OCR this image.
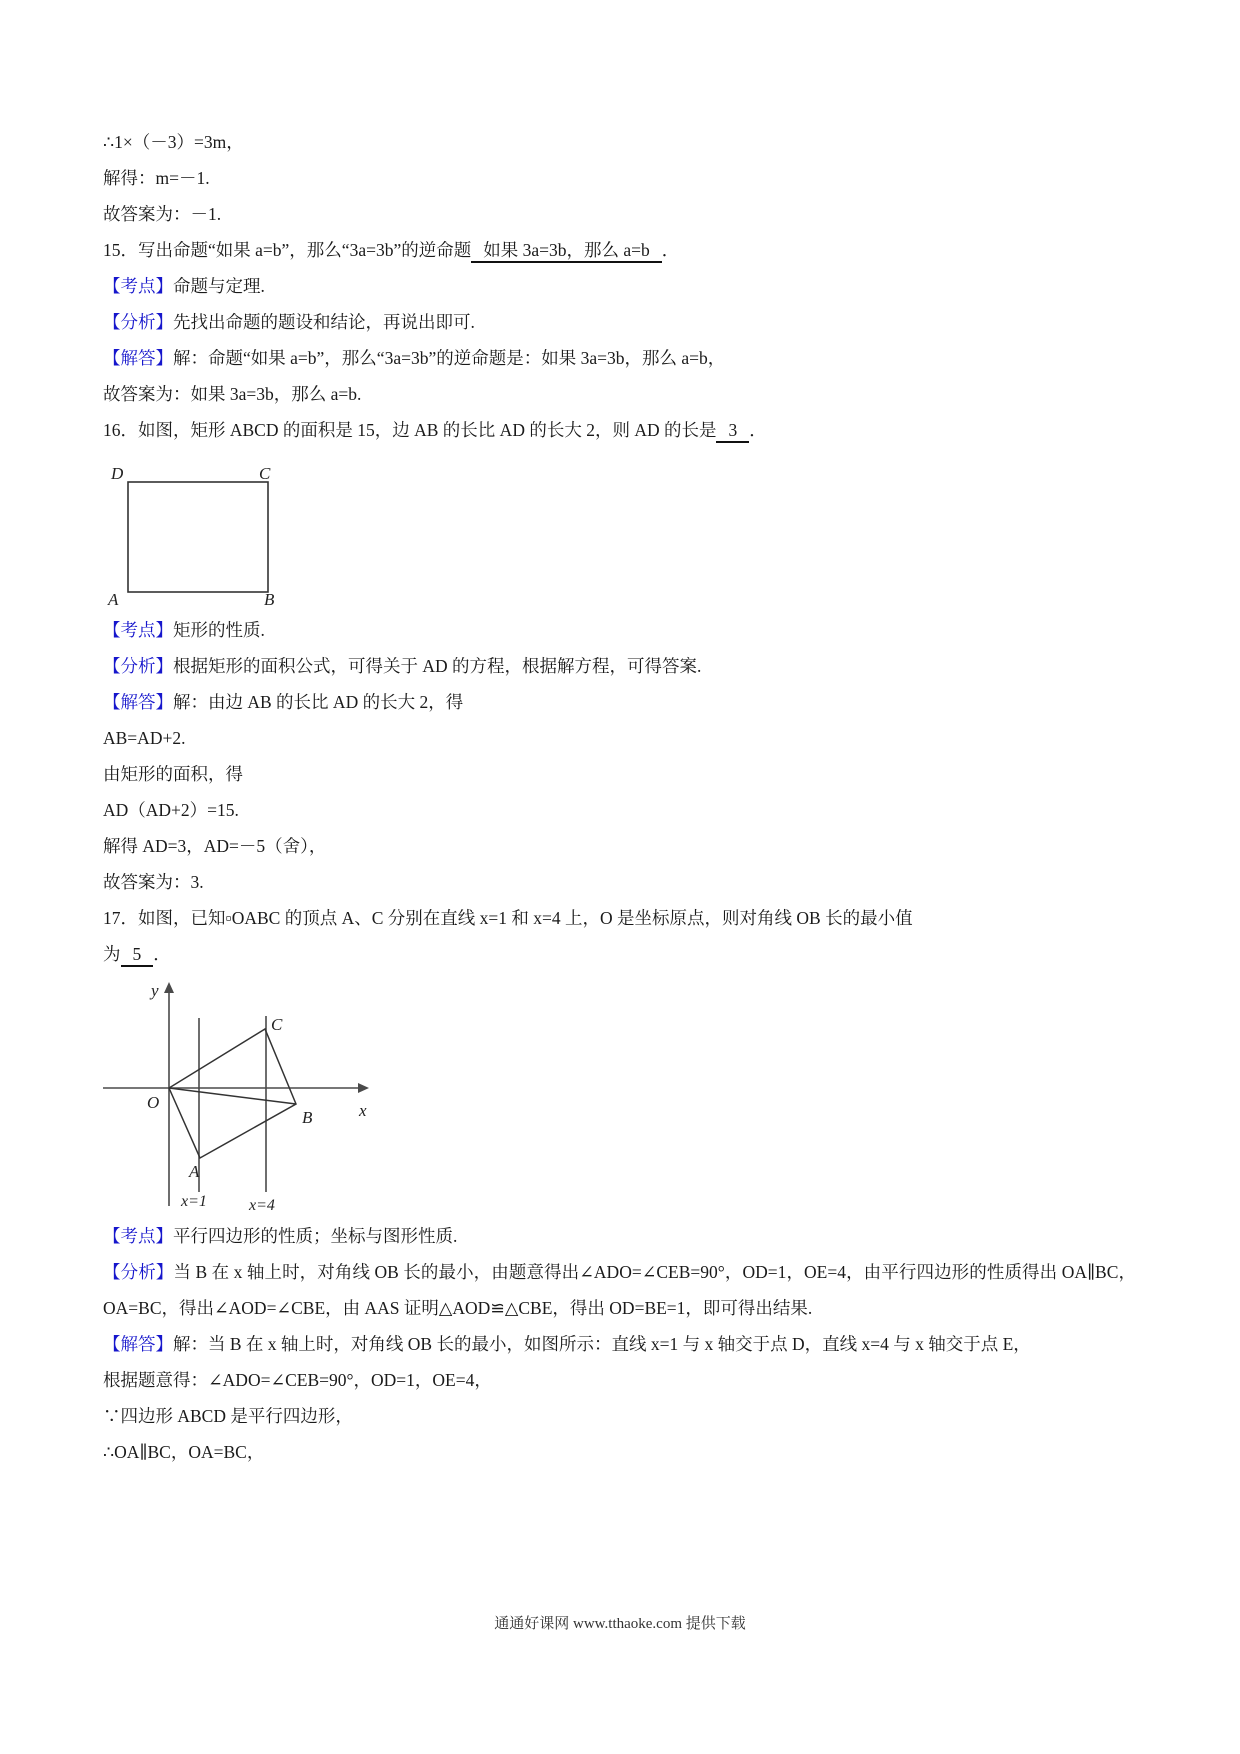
∴1×（－3）=3m，

解得：m=－1.

故答案为：－1.

15．写出命题“如果 a=b”，那么“3a=3b”的逆命题 如果 3a=3b，那么 a=b ．

【考点】命题与定理.

【分析】先找出命题的题设和结论，再说出即可.

【解答】解：命题“如果 a=b”，那么“3a=3b”的逆命题是：如果 3a=3b，那么 a=b，

故答案为：如果 3a=3b，那么 a=b.

16．如图，矩形 ABCD 的面积是 15，边 AB 的长比 AD 的长大 2，则 AD 的长是 3 ．

D	C
A	B

【考点】矩形的性质.

【分析】根据矩形的面积公式，可得关于 AD 的方程，根据解方程，可得答案.

【解答】解：由边 AB 的长比 AD 的长大 2，得

AB=AD+2.

由矩形的面积，得

AD（AD+2）=15.

解得 AD=3，AD=－5（舍），

故答案为：3.

17．如图，已知▫OABC 的顶点 A、C 分别在直线 x=1 和 x=4 上，O 是坐标原点，则对角线 OB 长的最小值

为 5 ．

y
x
O
C
B
A
x=1	x=4

【考点】平行四边形的性质；坐标与图形性质.

【分析】当 B 在 x 轴上时，对角线 OB 长的最小，由题意得出∠ADO=∠CEB=90°，OD=1，OE=4，由平行四边形的性质得出 OA∥BC，OA=BC，得出∠AOD=∠CBE，由 AAS 证明△AOD≌△CBE，得出 OD=BE=1，即可得出结果.

【解答】解：当 B 在 x 轴上时，对角线 OB 长的最小，如图所示：直线 x=1 与 x 轴交于点 D，直线 x=4 与 x 轴交于点 E，

根据题意得：∠ADO=∠CEB=90°，OD=1，OE=4，

∵四边形 ABCD 是平行四边形，

∴OA∥BC，OA=BC，

通通好课网 www.tthaoke.com 提供下载
